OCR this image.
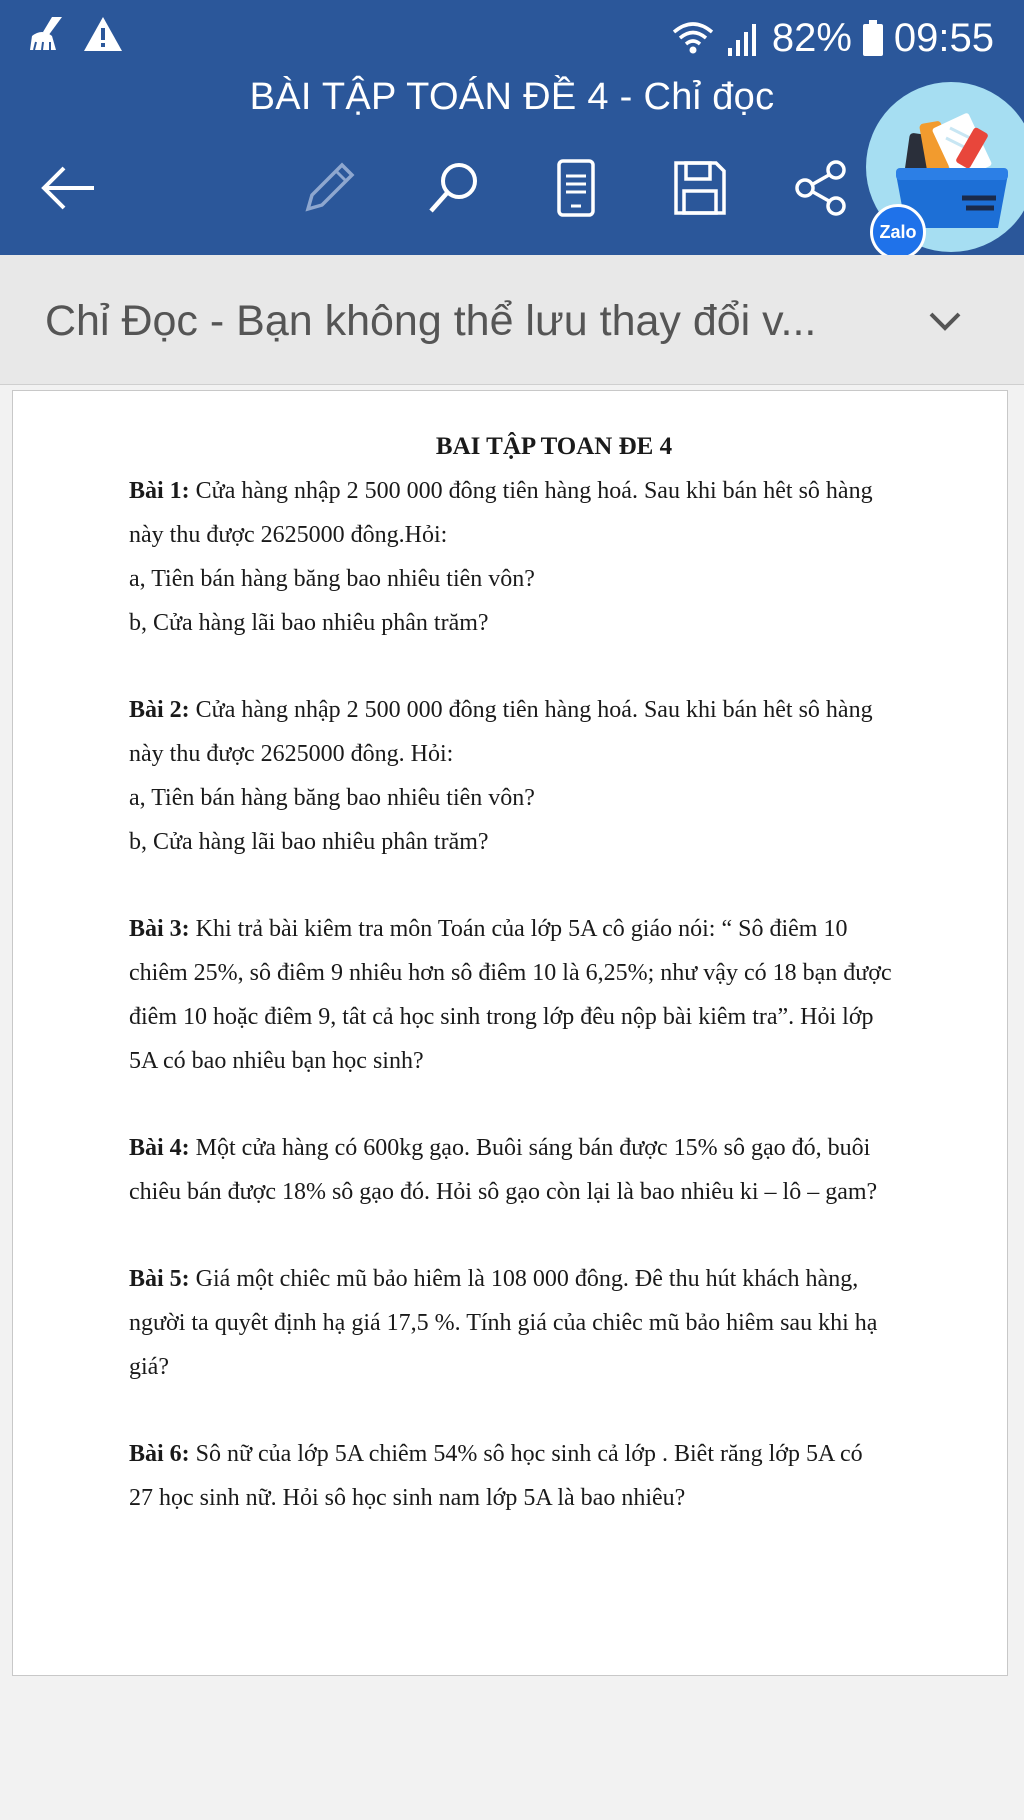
82% 09:55
BÀI TẬP TOÁN ĐỀ 4 - Chỉ đọc
Zalo
Chỉ Đọc - Bạn không thể lưu thay đổi v...

BAI TẬP TOAN ĐE 4

Bài 1: Cửa hàng nhập 2 500 000 đông tiên hàng hoá. Sau khi bán hêt sô hàng

này thu được 2625000 đông.Hỏi:

a, Tiên bán hàng băng bao nhiêu tiên vôn?

b, Cửa hàng lãi bao nhiêu phân trăm?

Bài 2: Cửa hàng nhập 2 500 000 đông tiên hàng hoá. Sau khi bán hêt sô hàng

này thu được 2625000 đông. Hỏi:

a, Tiên bán hàng băng bao nhiêu tiên vôn?

b, Cửa hàng lãi bao nhiêu phân trăm?

Bài 3: Khi trả bài kiêm tra môn Toán của lớp 5A cô giáo nói: “ Sô điêm 10

chiêm 25%, sô điêm 9 nhiêu hơn sô điêm 10 là 6,25%; như vậy có 18 bạn được

điêm 10 hoặc điêm 9, tât cả học sinh trong lớp đêu nộp bài kiêm tra”. Hỏi lớp

5A có bao nhiêu bạn học sinh?

Bài 4: Một cửa hàng có 600kg gạo. Buôi sáng bán được 15% sô gạo đó, buôi

chiêu bán được 18% sô gạo đó. Hỏi sô gạo còn lại là bao nhiêu ki – lô – gam?

Bài 5: Giá một chiêc mũ bảo hiêm là 108 000 đông. Đê thu hút khách hàng,

người ta quyêt định hạ giá 17,5 %. Tính giá của chiêc mũ bảo hiêm sau khi hạ

giá?

Bài 6: Sô nữ của lớp 5A chiêm 54% sô học sinh cả lớp . Biêt răng lớp 5A có

27 học sinh nữ. Hỏi sô học sinh nam lớp 5A là bao nhiêu?
